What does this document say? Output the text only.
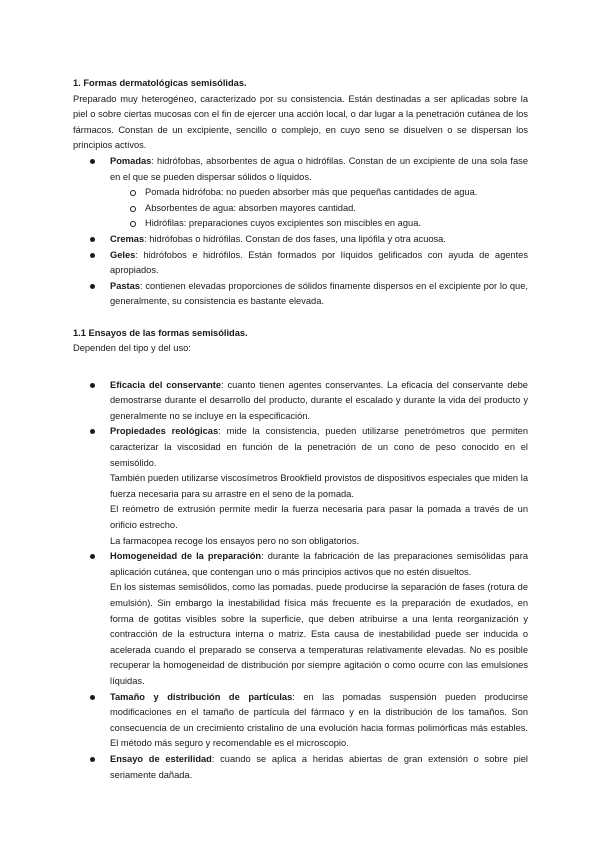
1. Formas dermatológicas semisólidas.

Preparado muy heterogéneo, caracterizado por su consistencia. Están destinadas a ser aplicadas sobre la piel o sobre ciertas mucosas con el fin de ejercer una acción local, o dar lugar a la penetración cutánea de los fármacos. Constan de un excipiente, sencillo o complejo, en cuyo seno se disuelven o se dispersan los principios activos.

Pomadas: hidrófobas, absorbentes de agua o hidrófilas. Constan de un excipiente de una sola fase en el que se pueden dispersar sólidos o líquidos.
Pomada hidrófoba: no pueden absorber más que pequeñas cantidades de agua.
Absorbentes de agua: absorben mayores cantidad.
Hidrófilas: preparaciones cuyos excipientes son miscibles en agua.
Cremas: hidrófobas o hidrófilas. Constan de dos fases, una lipófila y otra acuosa.
Geles: hidrófobos e hidrófilos. Están formados por líquidos gelificados con ayuda de agentes apropiados.
Pastas: contienen elevadas proporciones de sólidos finamente dispersos en el excipiente por lo que, generalmente, su consistencia es bastante elevada.

1.1 Ensayos de las formas semisólidas.

Dependen del tipo y del uso:

Eficacia del conservante: cuanto tienen agentes conservantes. La eficacia del conservante debe demostrarse durante el desarrollo del producto, durante el escalado y durante la vida del producto y generalmente no se incluye en la especificación.
Propiedades reológicas: mide la consistencia, pueden utilizarse penetrómetros que permiten caracterizar la viscosidad en función de la penetración de un cono de peso conocido en el semisólido.
También pueden utilizarse viscosímetros Brookfield provistos de dispositivos especiales que miden la fuerza necesaria para su arrastre en el seno de la pomada.
El reómetro de extrusión permite medir la fuerza necesaria para pasar la pomada a través de un orificio estrecho.
La farmacopea recoge los ensayos pero no son obligatorios.
Homogeneidad de la preparación: durante la fabricación de las preparaciones semisólidas para aplicación cutánea, que contengan uno o más principios activos que no estén disueltos.
En los sistemas semisólidos, como las pomadas. puede producirse la separación de fases (rotura de emulsión). Sin embargo la inestabilidad física más frecuente es la preparación de exudados, en forma de gotitas visibles sobre la superficie, que deben atribuirse a una lenta reorganización y contracción de la estructura interna o matriz. Esta causa de inestabilidad puede ser inducida o acelerada cuando el preparado se conserva a temperaturas relativamente elevadas. No es posible recuperar la homogeneidad de distribución por siempre agitación o como ocurre con las emulsiones líquidas.
Tamaño y distribución de partículas: en las pomadas suspensión pueden producirse modificaciones en el tamaño de partícula del fármaco y en la distribución de los tamaños. Son consecuencia de un crecimiento cristalino de una evolución hacia formas polimórficas más estables. El método más seguro y recomendable es el microscopio.
Ensayo de esterilidad: cuando se aplica a heridas abiertas de gran extensión o sobre piel seriamente dañada.
